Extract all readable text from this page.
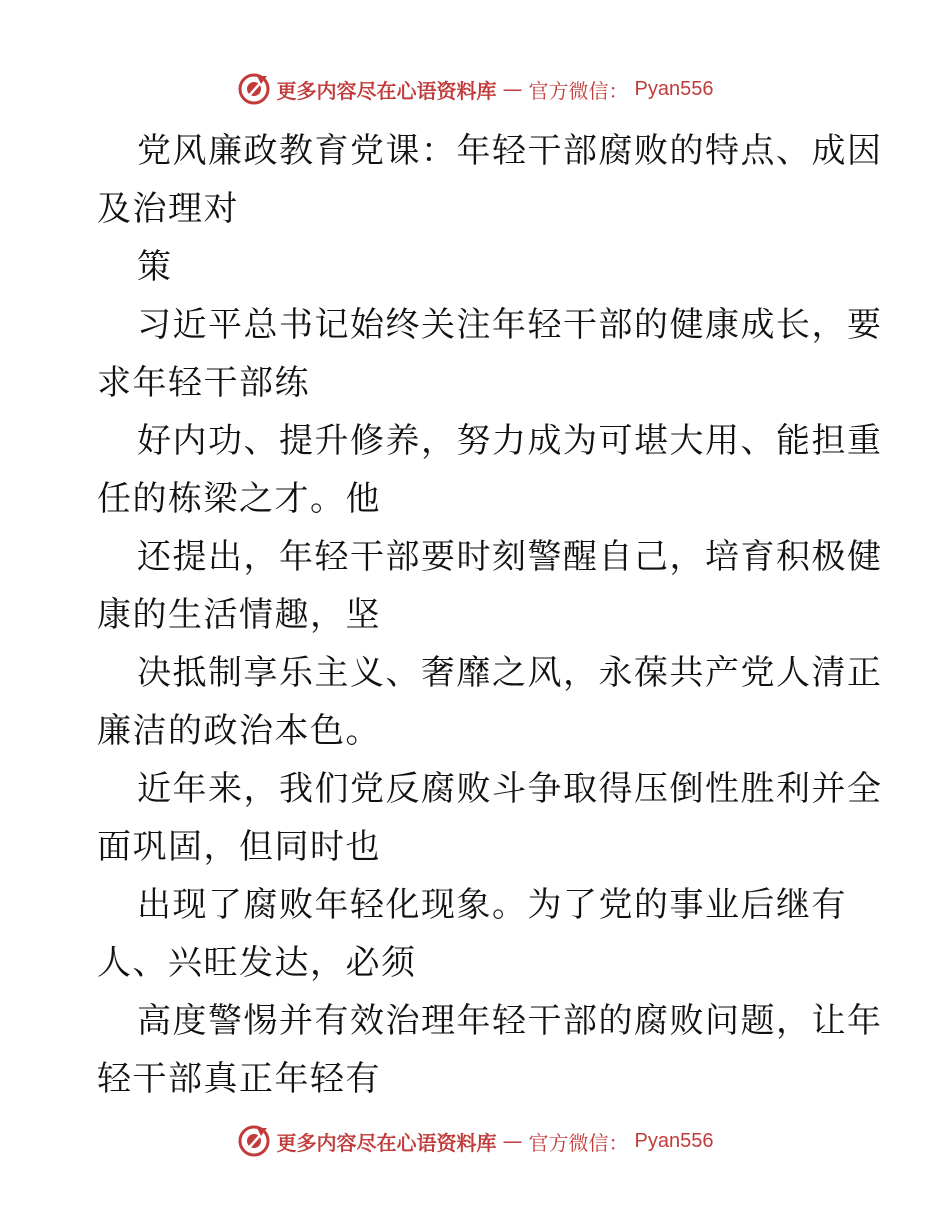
更多内容尽在心语资料库 — 官方微信： Pyan556
党风廉政教育党课：年轻干部腐败的特点、成因
及治理对
策
习近平总书记始终关注年轻干部的健康成长，要
求年轻干部练
好内功、提升修养，努力成为可堪大用、能担重
任的栋梁之才。他
还提出，年轻干部要时刻警醒自己，培育积极健
康的生活情趣，坚
决抵制享乐主义、奢靡之风，永葆共产党人清正
廉洁的政治本色。
近年来，我们党反腐败斗争取得压倒性胜利并全
面巩固，但同时也
出现了腐败年轻化现象。为了党的事业后继有
人、兴旺发达，必须
高度警惕并有效治理年轻干部的腐败问题，让年
轻干部真正年轻有
更多内容尽在心语资料库 — 官方微信： Pyan556
